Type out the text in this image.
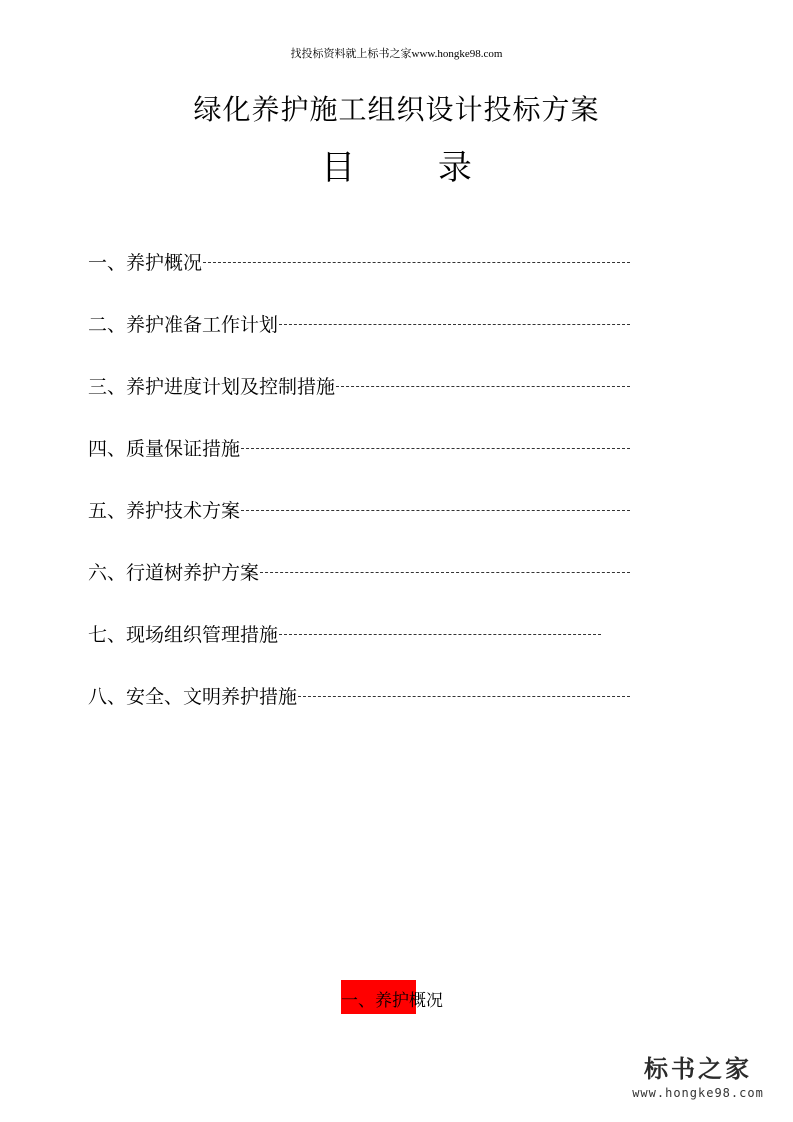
找投标资料就上标书之家www.hongke98.com
绿化养护施工组织设计投标方案
目 录
一、养护概况
二、养护准备工作计划
三、养护进度计划及控制措施
四、质量保证措施
五、养护技术方案
六、行道树养护方案
七、现场组织管理措施
八、安全、文明养护措施
一、养护概况
标书之家
www.hongke98.com
